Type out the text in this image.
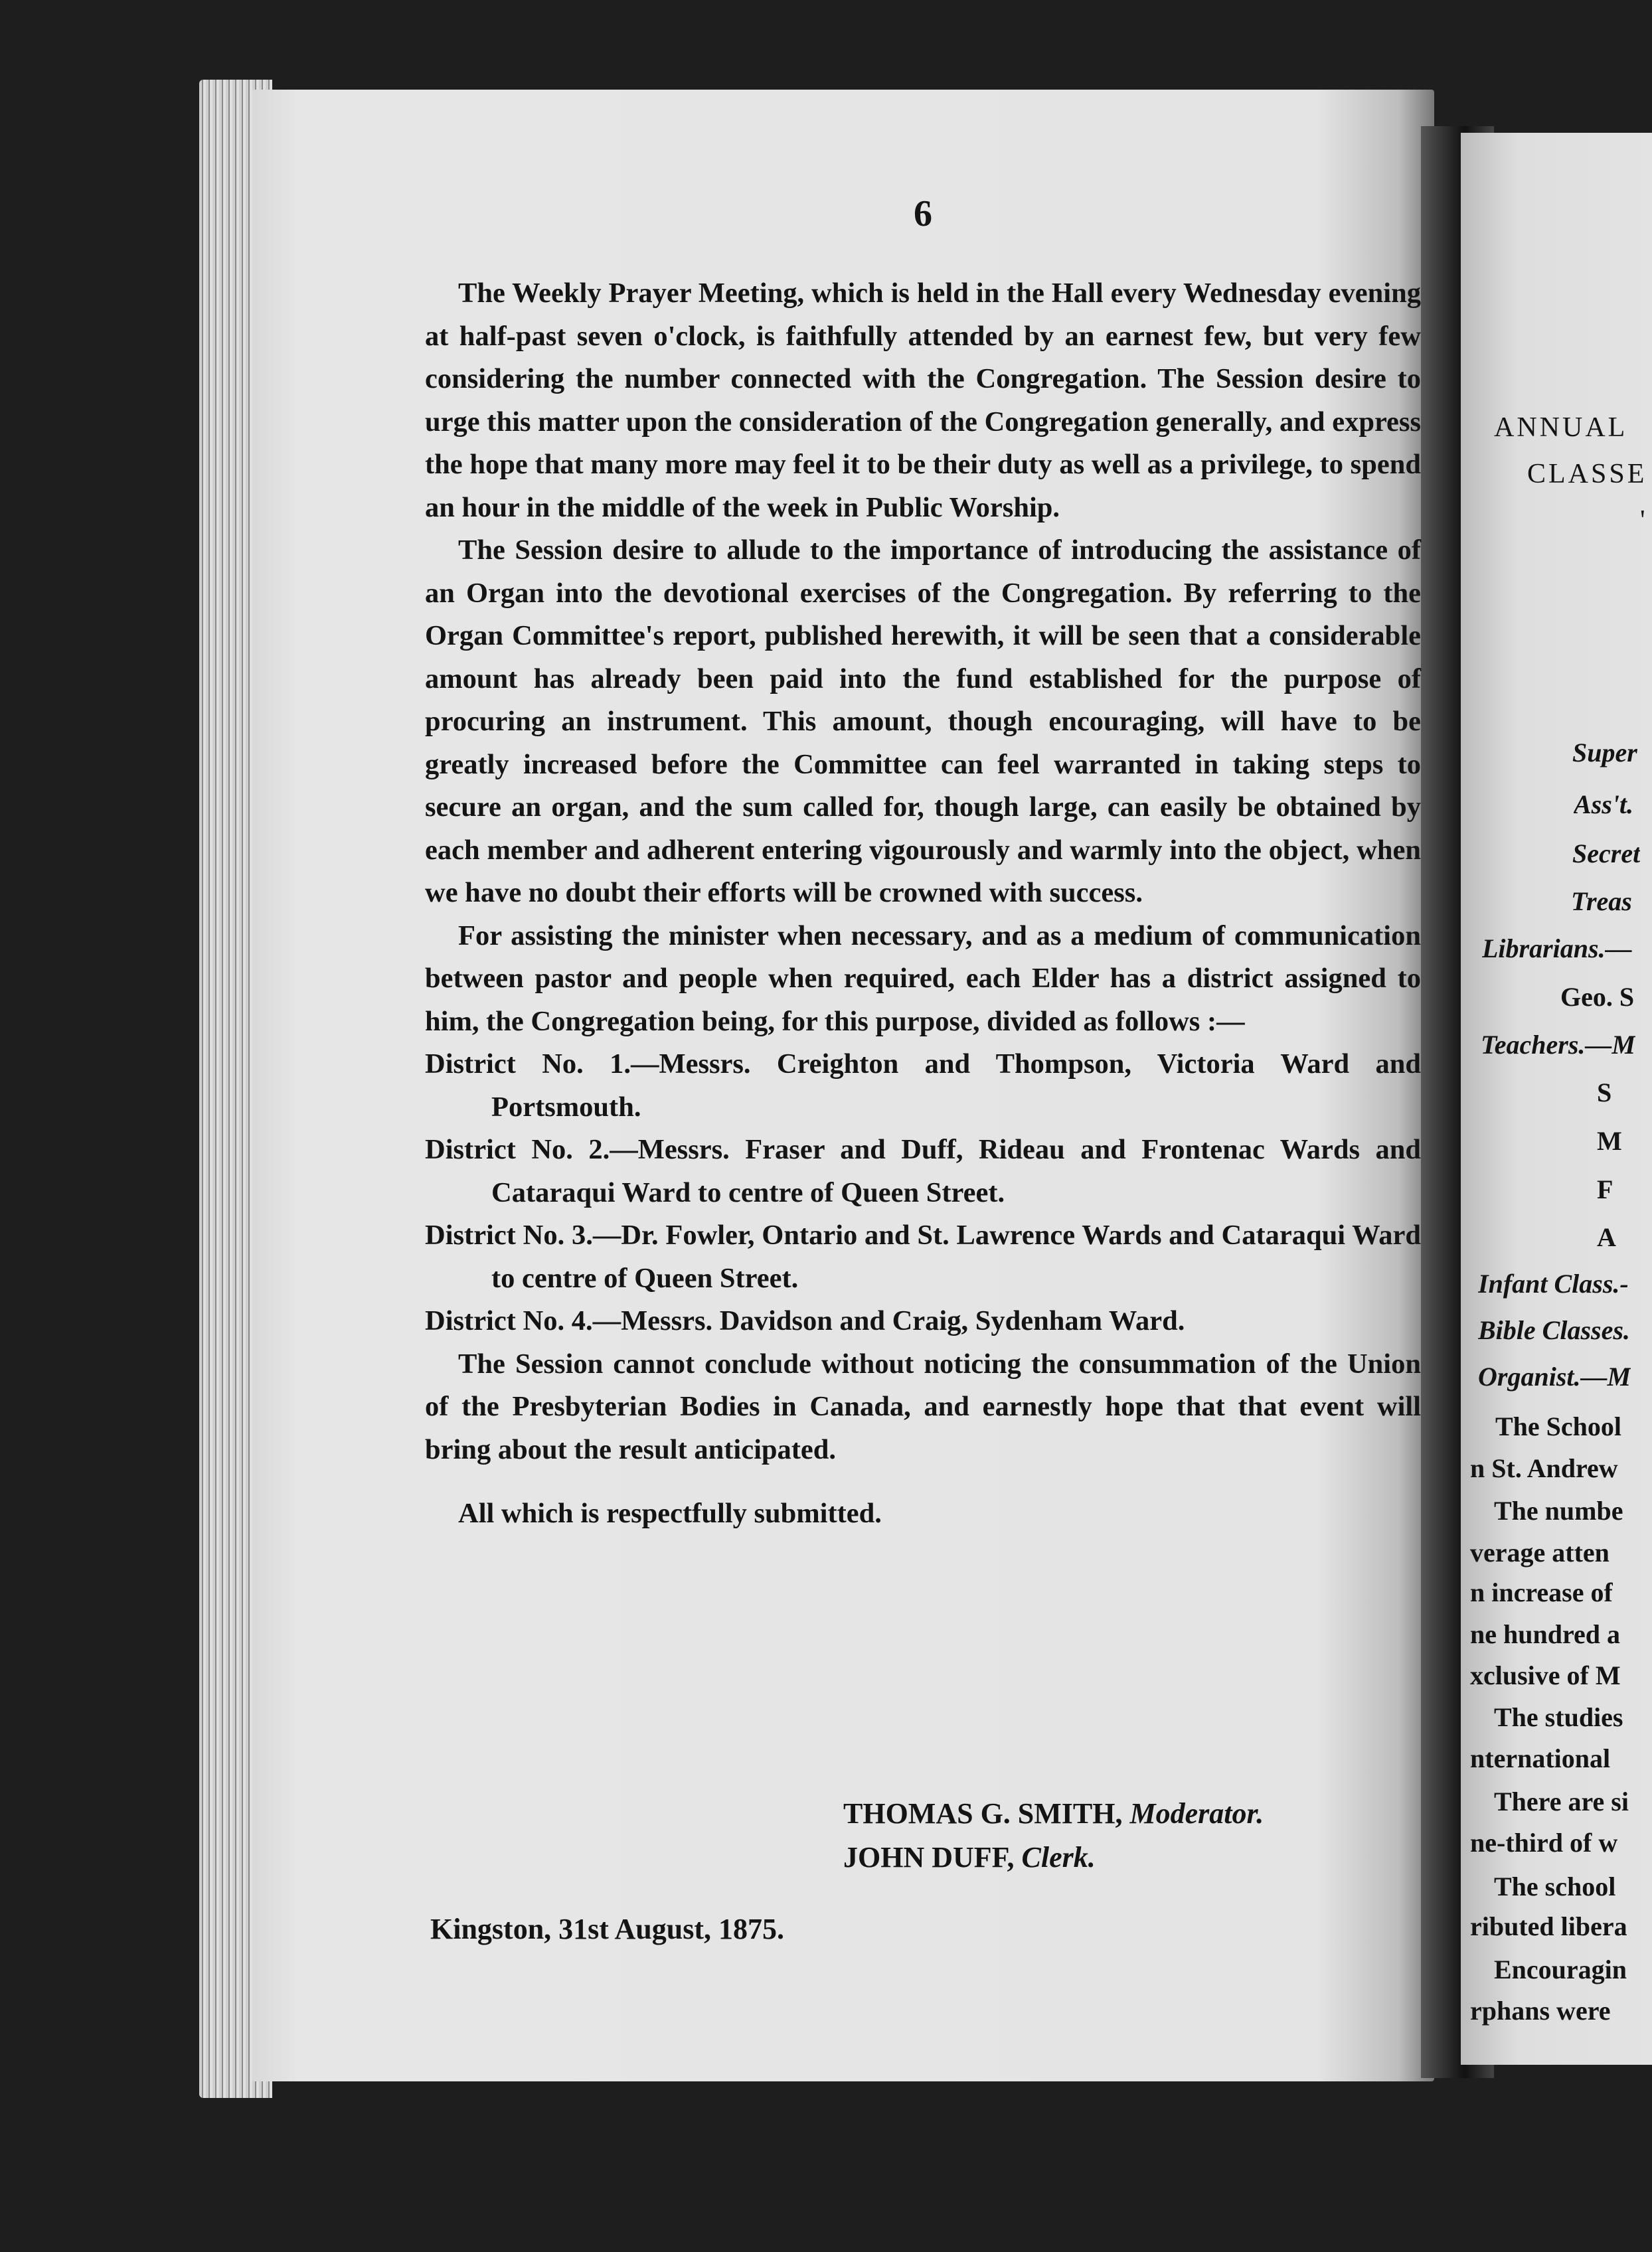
6

The Weekly Prayer Meeting, which is held in the Hall every Wednesday evening at half-past seven o'clock, is faithfully attended by an earnest few, but very few considering the number connected with the Congregation. The Session desire to urge this matter upon the consideration of the Congregation generally, and express the hope that many more may feel it to be their duty as well as a privilege, to spend an hour in the middle of the week in Public Worship.

The Session desire to allude to the importance of introducing the assistance of an Organ into the devotional exercises of the Congregation. By referring to the Organ Committee's report, published herewith, it will be seen that a considerable amount has already been paid into the fund established for the purpose of procuring an instrument. This amount, though encouraging, will have to be greatly increased before the Committee can feel warranted in taking steps to secure an organ, and the sum called for, though large, can easily be obtained by each member and adherent entering vigourously and warmly into the object, when we have no doubt their efforts will be crowned with success.

For assisting the minister when necessary, and as a medium of communication between pastor and people when required, each Elder has a district assigned to him, the Congregation being, for this purpose, divided as follows :—

District No. 1.—Messrs. Creighton and Thompson, Victoria Ward and Portsmouth.
District No. 2.—Messrs. Fraser and Duff, Rideau and Frontenac Wards and Cataraqui Ward to centre of Queen Street.
District No. 3.—Dr. Fowler, Ontario and St. Lawrence Wards and Cataraqui Ward to centre of Queen Street.
District No. 4.—Messrs. Davidson and Craig, Sydenham Ward.

The Session cannot conclude without noticing the consummation of the Union of the Presbyterian Bodies in Canada, and earnestly hope that that event will bring about the result anticipated.

All which is respectfully submitted.

THOMAS G. SMITH, Moderator.
JOHN DUFF, Clerk.
Kingston, 31st August, 1875.
ANNUAL
CLASSE
'
Super
Ass't.
Secret
Treas
Librarians.—
Geo. S
Teachers.—M
S
M
F
A
Infant Class.-
Bible Classes.
Organist.—M
The School
n St. Andrew
The numbe
verage atten
n increase of
ne hundred a
xclusive of M
The studies
nternational
There are si
ne-third of w
The school
ributed libera
Encouragin
rphans were
